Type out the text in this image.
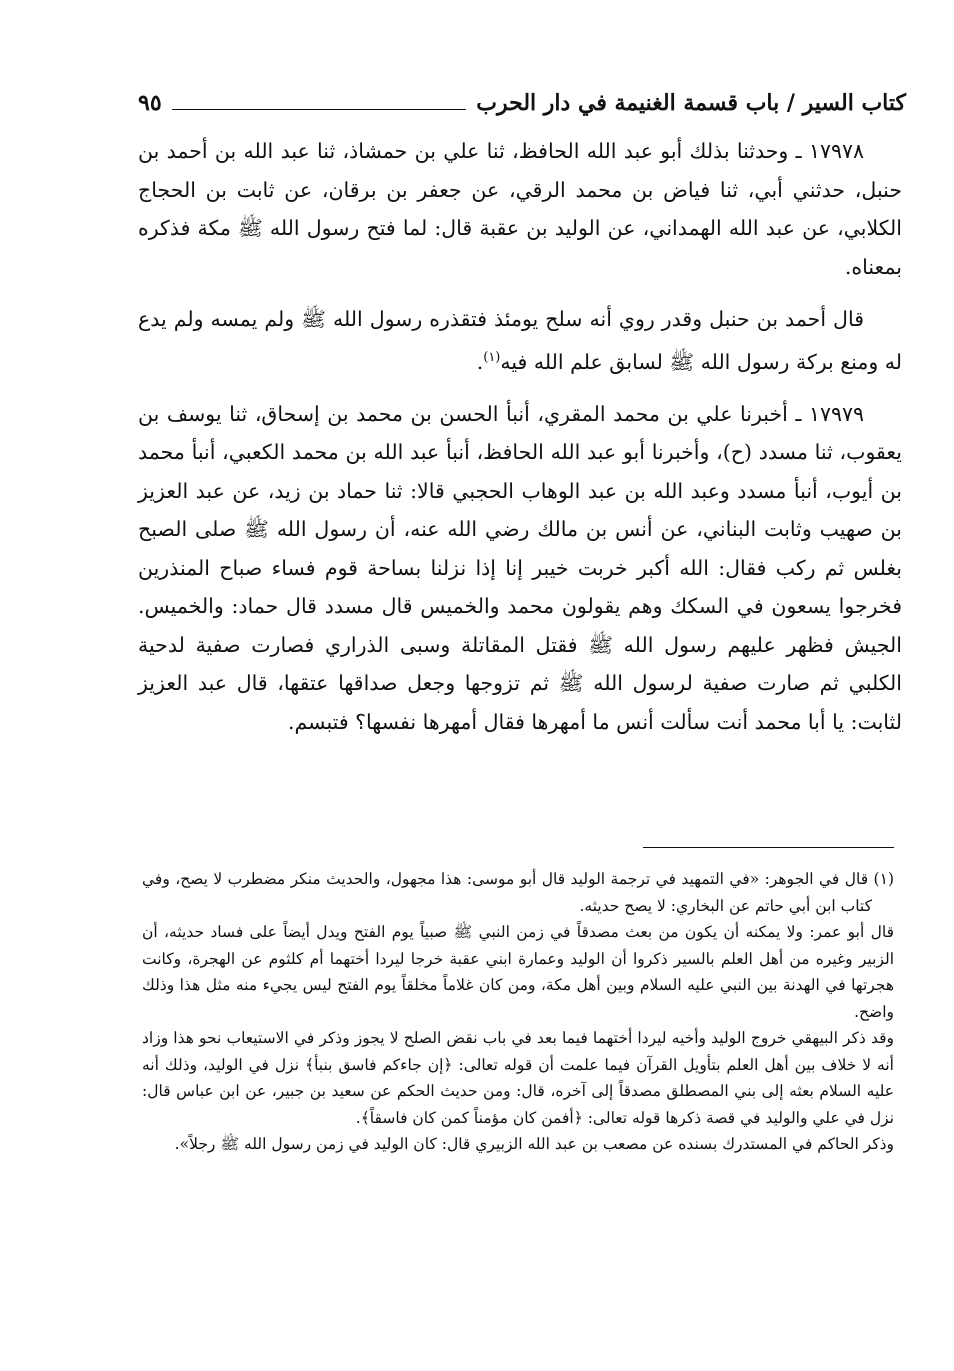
كتاب السير / باب قسمة الغنيمة في دار الحرب
٩٥

١٧٩٧٨ ـ وحدثنا بذلك أبو عبد الله الحافظ، ثنا علي بن حمشاذ، ثنا عبد الله بن أحمد بن حنبل، حدثني أبي، ثنا فياض بن محمد الرقي، عن جعفر بن برقان، عن ثابت بن الحجاج الكلابي، عن عبد الله الهمداني، عن الوليد بن عقبة قال: لما فتح رسول الله ﷺ مكة فذكره بمعناه.

قال أحمد بن حنبل وقدر روي أنه سلح يومئذ فتقذره رسول الله ﷺ ولم يمسه ولم يدع له ومنع بركة رسول الله ﷺ لسابق علم الله فيه$^{(١)}$.

١٧٩٧٩ ـ أخبرنا علي بن محمد المقري، أنبأ الحسن بن محمد بن إسحاق، ثنا يوسف بن يعقوب، ثنا مسدد (ح)، وأخبرنا أبو عبد الله الحافظ، أنبأ عبد الله بن محمد الكعبي، أنبأ محمد بن أيوب، أنبأ مسدد وعبد الله بن عبد الوهاب الحجبي قالا: ثنا حماد بن زيد، عن عبد العزيز بن صهيب وثابت البناني، عن أنس بن مالك رضي الله عنه، أن رسول الله ﷺ صلى الصبح بغلس ثم ركب فقال: الله أكبر خربت خيبر إنا إذا نزلنا بساحة قوم فساء صباح المنذرين فخرجوا يسعون في السكك وهم يقولون محمد والخميس قال مسدد قال حماد: والخميس. الجيش فظهر عليهم رسول الله ﷺ فقتل المقاتلة وسبى الذراري فصارت صفية لدحية الكلبي ثم صارت صفية لرسول الله ﷺ ثم تزوجها وجعل صداقها عتقها، قال عبد العزيز لثابت: يا أبا محمد أنت سألت أنس ما أمهرها فقال أمهرها نفسها؟ فتبسم.

(١) قال في الجوهر: «في التمهيد في ترجمة الوليد قال أبو موسى: هذا مجهول، والحديث منكر مضطرب لا يصح، وفي كتاب ابن أبي حاتم عن البخاري: لا يصح حديثه.

قال أبو عمر: ولا يمكنه أن يكون من بعث مصدقاً في زمن النبي ﷺ صبياً يوم الفتح ويدل أيضاً على فساد حديثه، أن الزبير وغيره من أهل العلم بالسير ذكروا أن الوليد وعمارة ابني عقبة خرجا ليردا أختهما أم كلثوم عن الهجرة، وكانت هجرتها في الهدنة بين النبي عليه السلام وبين أهل مكة، ومن كان غلاماً مخلقاً يوم الفتح ليس يجيء منه مثل هذا وذلك واضح.

وقد ذكر البيهقي خروج الوليد وأخيه ليردا أختهما فيما بعد في باب نقض الصلح لا يجوز وذكر في الاستيعاب نحو هذا وزاد أنه لا خلاف بين أهل العلم بتأويل القرآن فيما علمت أن قوله تعالى: ﴿إن جاءكم فاسق بنبأ﴾ نزل في الوليد، وذلك أنه عليه السلام بعثه إلى بني المصطلق مصدقاً إلى آخره، قال: ومن حديث الحكم عن سعيد بن جبير، عن ابن عباس قال: نزل في علي والوليد في قصة ذكرها قوله تعالى: ﴿أفمن كان مؤمناً كمن كان فاسقاً﴾.

وذكر الحاكم في المستدرك بسنده عن مصعب بن عبد الله الزبيري قال: كان الوليد في زمن رسول الله ﷺ رجلاً».
